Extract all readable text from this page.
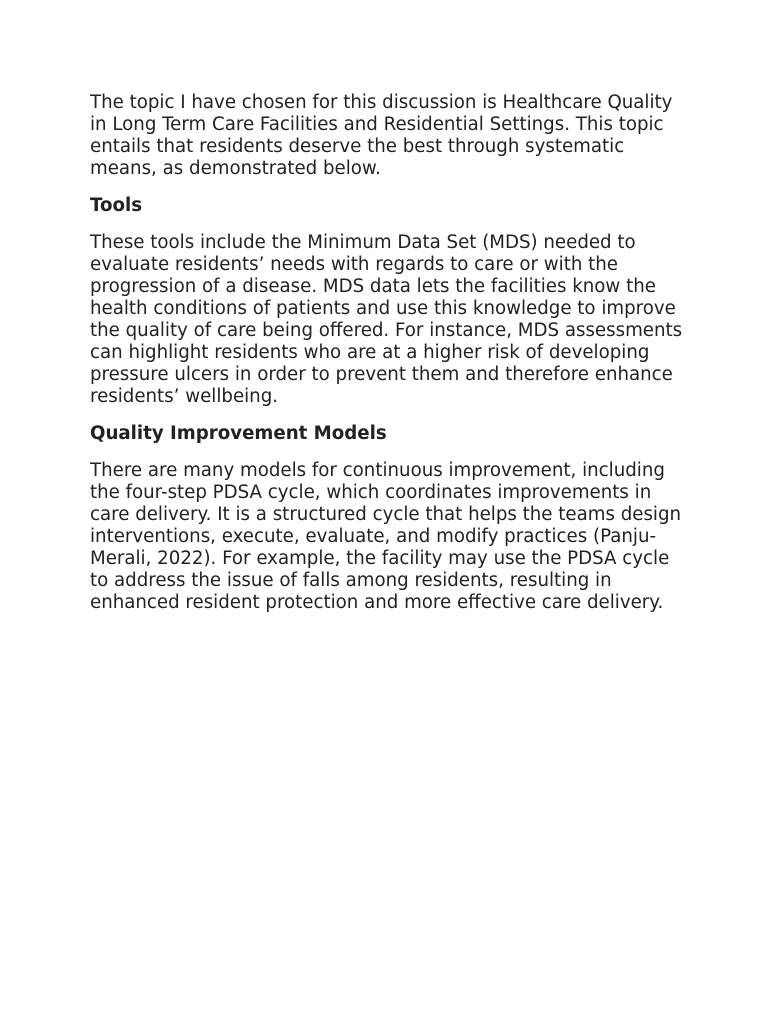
The topic I have chosen for this discussion is Healthcare Quality in Long Term Care Facilities and Residential Settings. This topic entails that residents deserve the best through systematic means, as demonstrated below.

Tools

These tools include the Minimum Data Set (MDS) needed to evaluate residents’ needs with regards to care or with the progression of a disease. MDS data lets the facilities know the health conditions of patients and use this knowledge to improve the quality of care being offered. For instance, MDS assessments can highlight residents who are at a higher risk of developing pressure ulcers in order to prevent them and therefore enhance residents’ wellbeing.

Quality Improvement Models

There are many models for continuous improvement, including the four-step PDSA cycle, which coordinates improvements in care delivery. It is a structured cycle that helps the teams design interventions, execute, evaluate, and modify practices (Panju-Merali, 2022). For example, the facility may use the PDSA cycle to address the issue of falls among residents, resulting in enhanced resident protection and more effective care delivery.
